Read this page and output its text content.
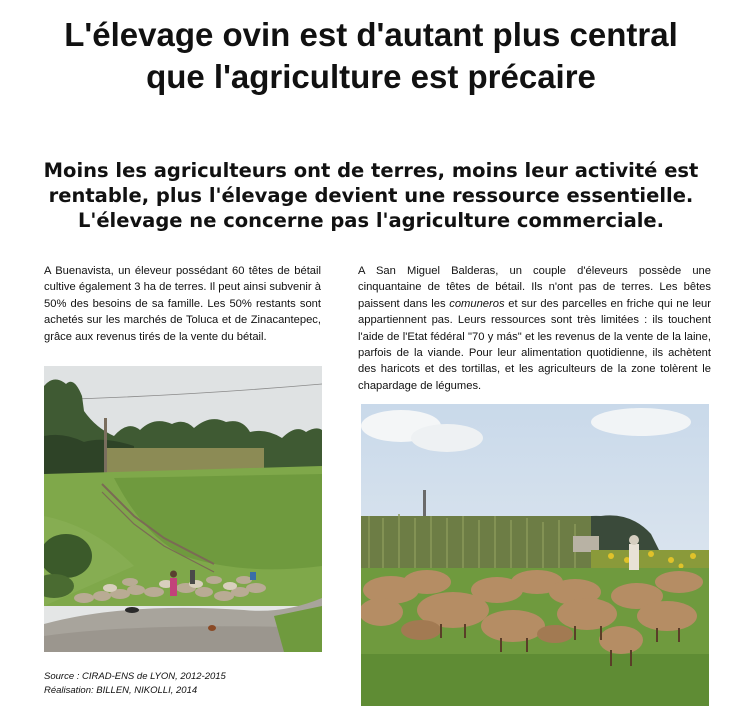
L'élevage ovin est d'autant plus central
que l'agriculture est précaire
Moins les agriculteurs ont de terres, moins leur activité est
rentable, plus l'élevage devient une ressource essentielle.
L'élevage ne concerne pas l'agriculture commerciale.
A Buenavista, un éleveur possédant 60 têtes de bétail cultive également 3 ha de terres. Il peut ainsi subvenir à 50% des besoins de sa famille. Les 50% restants sont achetés sur les marchés de Toluca et de Zinacantepec, grâce aux revenus tirés de la vente du bétail.
A San Miguel Balderas, un couple d'éleveurs possède une cinquantaine de têtes de bétail. Ils n'ont pas de terres. Les bêtes paissent dans les comuneros et sur des parcelles en friche qui ne leur appartiennent pas. Leurs ressources sont très limitées : ils touchent l'aide de l'Etat fédéral "70 y más" et les revenus de la vente de la laine, parfois de la viande. Pour leur alimentation quotidienne, ils achètent des haricots et des tortillas, et les agriculteurs de la zone tolèrent le chapardage de légumes.
Source : CIRAD-ENS de LYON, 2012-2015
Réalisation: BILLEN, NIKOLLI, 2014
